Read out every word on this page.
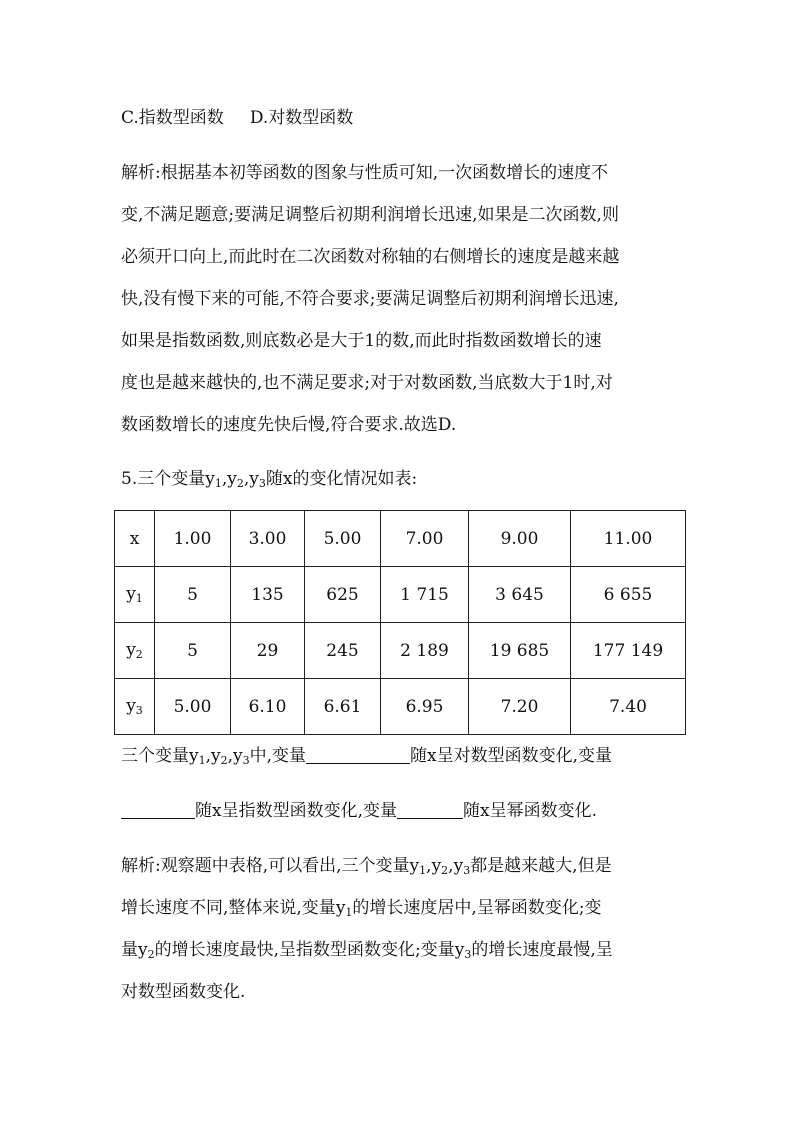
C.指数型函数 D.对数型函数
解析:根据基本初等函数的图象与性质可知,一次函数增长的速度不
变,不满足题意;要满足调整后初期利润增长迅速,如果是二次函数,则
必须开口向上,而此时在二次函数对称轴的右侧增长的速度是越来越
快,没有慢下来的可能,不符合要求;要满足调整后初期利润增长迅速,
如果是指数函数,则底数必是大于1的数,而此时指数函数增长的速
度也是越来越快的,也不满足要求;对于对数函数,当底数大于1时,对
数函数增长的速度先快后慢,符合要求.故选D.
5.三个变量$y_1,y_2,y_3$随x的变化情况如表:
x	1.00	3.00	5.00	7.00	9.00	11.00
$y_1$	5	135	625	1 715	3 645	6 655
$y_2$	5	29	245	2 189	19 685	177 149
$y_3$	5.00	6.10	6.61	6.95	7.20	7.40
三个变量$y_1,y_2,y_3$中,变量	随x呈对数型函数变化,变量
随x呈指数型函数变化,变量	随x呈幂函数变化.
解析:观察题中表格,可以看出,三个变量$y_1,y_2,y_3$都是越来越大,但是
增长速度不同,整体来说,变量$y_1$的增长速度居中,呈幂函数变化;变
量$y_2$的增长速度最快,呈指数型函数变化;变量$y_3$的增长速度最慢,呈
对数型函数变化.
